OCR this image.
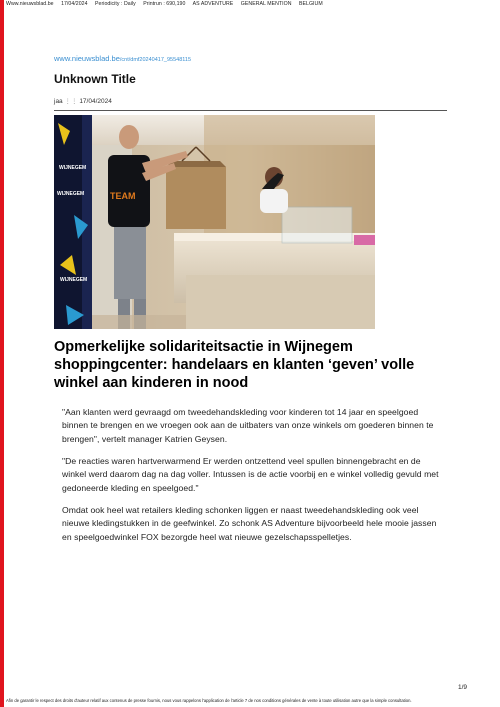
Www.nieuwsblad.be 17/04/2024 Periodicity : Daily Printrun : 690,190 AS ADVENTURE GENERAL MENTION BELGIUM
www.nieuwsblad.be/cnt/dmf20240417_95548115
Unknown Title
jaa ⋮⋮ 17/04/2024
WIJNEGEM
WIJNEGEM
WIJNEGEM
TEAM
Opmerkelijke solidariteitsactie in Wijnegem shoppingcenter: handelaars en klanten ‘geven’ volle winkel aan kinderen in nood
"Aan klanten werd gevraagd om tweedehandskleding voor kinderen tot 14 jaar en speelgoed binnen te brengen en we vroegen ook aan de uitbaters van onze winkels om goederen binnen te brengen", vertelt manager Katrien Geysen.
"De reacties waren hartverwarmend Er werden ontzettend veel spullen binnengebracht en de winkel werd daarom dag na dag voller. Intussen is de actie voorbij en e winkel volledig gevuld met gedoneerde kleding en speelgoed."
Omdat ook heel wat retailers kleding schonken liggen er naast tweedehandskleding ook veel nieuwe kledingstukken in de geefwinkel. Zo schonk AS Adventure bijvoorbeeld hele mooie jassen en speelgoedwinkel FOX bezorgde heel wat nieuwe gezelschapsspelletjes.
1/9
Afin de garantir le respect des droits d'auteur relatif aux contenus de presse fournis, nous vous rappelons l'application de l'article 7 de nos conditions générales de vente à toute utilisation autre que la simple consultation.
